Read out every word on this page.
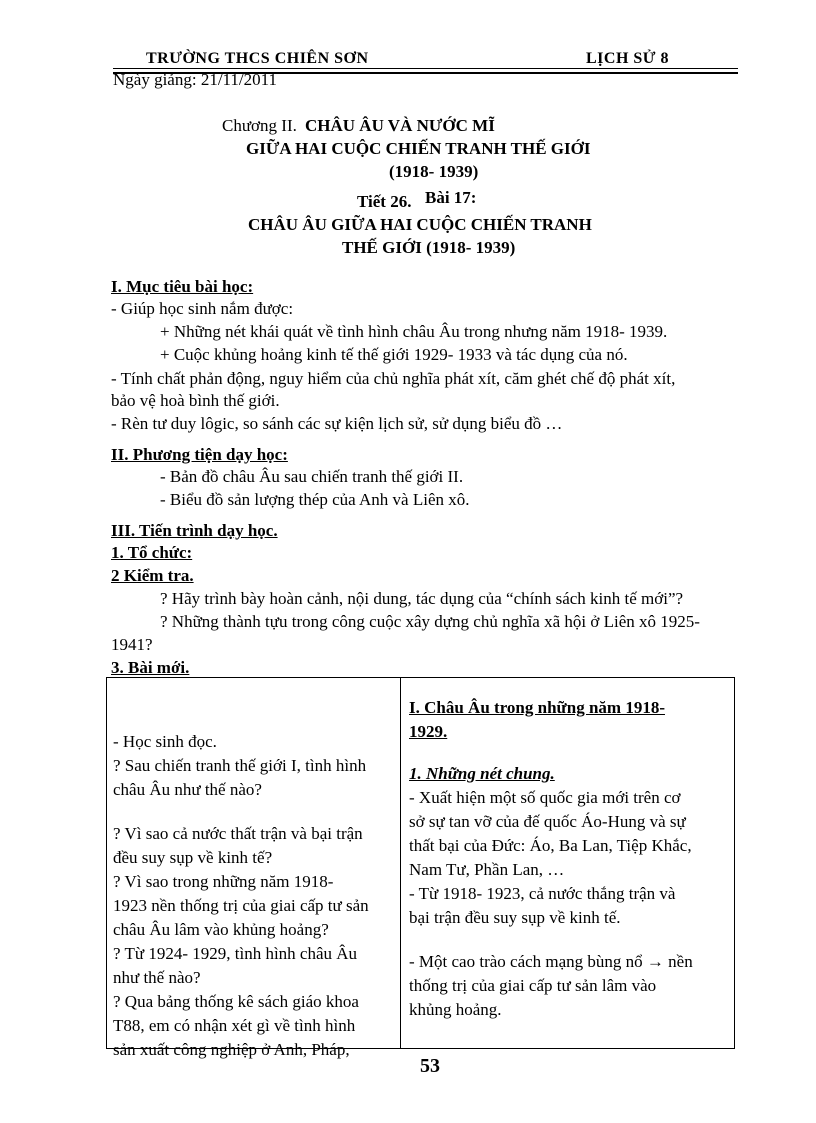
TRƯỜNG THCS CHIÊN SƠN	LỊCH SỬ 8
Ngày giảng: 21/11/2011
Chương II. CHÂU ÂU VÀ NƯỚC MĨ
GIỮA HAI CUỘC CHIẾN TRANH THẾ GIỚI
(1918- 1939)
Tiết 26. Bài 17:
CHÂU ÂU GIỮA HAI CUỘC CHIẾN TRANH
THẾ GIỚI (1918- 1939)
I. Mục tiêu bài học:
- Giúp học sinh nắm được:
+ Những nét khái quát về tình hình châu Âu trong nhưng năm 1918- 1939.
+ Cuộc khủng hoảng kinh tế thế giới 1929- 1933 và tác dụng của nó.
- Tính chất phản động, nguy hiểm của chủ nghĩa phát xít, căm ghét chế độ phát xít,
bảo vệ hoà bình thế giới.
- Rèn tư duy lôgic, so sánh các sự kiện lịch sử, sử dụng biểu đồ …
II. Phương tiện dạy học:
- Bản đồ châu Âu sau chiến tranh thế giới II.
- Biểu đồ sản lượng thép của Anh và Liên xô.
III. Tiến trình dạy học.
1. Tổ chức:
2 Kiểm tra.
? Hãy trình bày hoàn cảnh, nội dung, tác dụng của “chính sách kinh tế mới”?
? Những thành tựu trong công cuộc xây dựng chủ nghĩa xã hội ở Liên xô 1925-
1941?
3. Bài mới.
- Học sinh đọc.
? Sau chiến tranh thế giới I, tình hình
châu Âu như thế nào?
? Vì sao cả nước thất trận và bại trận
đều suy sụp về kinh tế?
? Vì sao trong những năm 1918-
1923 nền thống trị của giai cấp tư sản
châu Âu lâm vào khủng hoảng?
? Từ 1924- 1929, tình hình châu Âu
như thế nào?
? Qua bảng thống kê sách giáo khoa
T88, em có nhận xét gì về tình hình
sản xuất công nghiệp ở Anh, Pháp,
I. Châu Âu trong những năm 1918-
1929.
1. Những nét chung.
- Xuất hiện một số quốc gia mới trên cơ
sở sự tan vỡ của đế quốc Áo-Hung và sự
thất bại của Đức: Áo, Ba Lan, Tiệp Khắc,
Nam Tư, Phần Lan, …
- Từ 1918- 1923, cả nước thắng trận và
bại trận đều suy sụp về kinh tế.
- Một cao trào cách mạng bùng nổ → nền
thống trị của giai cấp tư sản lâm vào
khủng hoảng.
53
